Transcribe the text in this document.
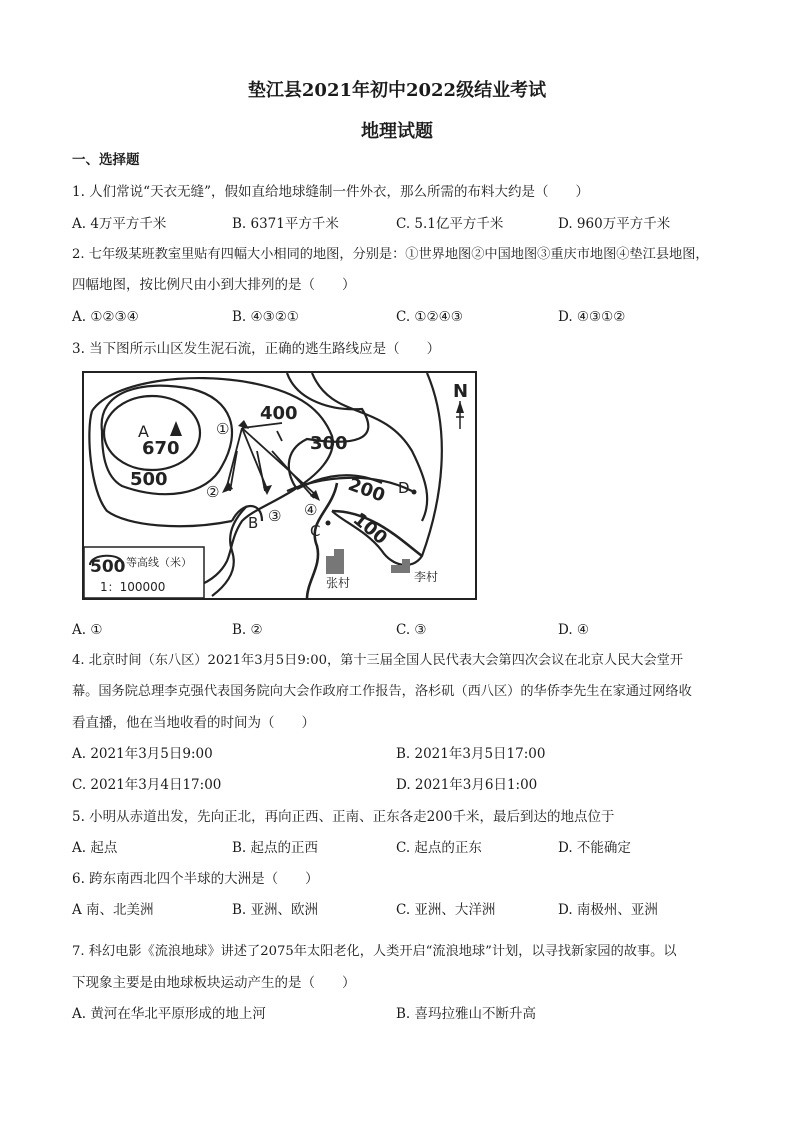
垫江县2021年初中2022级结业考试
地理试题
一、选择题
1. 人们常说“天衣无缝”，假如直给地球缝制一件外衣，那么所需的布料大约是（　　）
A. 4万平方千米	B. 6371平方千米	C. 5.1亿平方千米	D. 960万平方千米
2. 七年级某班教室里贴有四幅大小相同的地图，分别是：①世界地图②中国地图③重庆市地图④垫江县地图，
四幅地图，按比例尺由小到大排列的是（　　）
A. ①②③④	B. ④③②①	C. ①②④③	D. ④③①②
3. 当下图所示山区发生泥石流，正确的逃生路线应是（　　）
N
A
670
400
300
500	200
100
①
②
③ ④
B	C
D
张村	李村
500 等高线（米）
1：100000
A. ①	B. ②	C. ③	D. ④
4. 北京时间（东八区）2021年3月5日9:00，第十三届全国人民代表大会第四次会议在北京人民大会堂开
幕。国务院总理李克强代表国务院向大会作政府工作报告，洛杉矶（西八区）的华侨李先生在家通过网络收
看直播，他在当地收看的时间为（　　）
A. 2021年3月5日9:00	B. 2021年3月5日17:00
C. 2021年3月4日17:00	D. 2021年3月6日1:00
5. 小明从赤道出发，先向正北，再向正西、正南、正东各走200千米，最后到达的地点位于
A. 起点	B. 起点的正西	C. 起点的正东	D. 不能确定
6. 跨东南西北四个半球的大洲是（　　）
A 南、北美洲	B. 亚洲、欧洲	C. 亚洲、大洋洲	D. 南极州、亚洲
7. 科幻电影《流浪地球》讲述了2075年太阳老化，人类开启“流浪地球”计划，以寻找新家园的故事。以
下现象主要是由地球板块运动产生的是（　　）
A. 黄河在华北平原形成的地上河	B. 喜玛拉雅山不断升高
